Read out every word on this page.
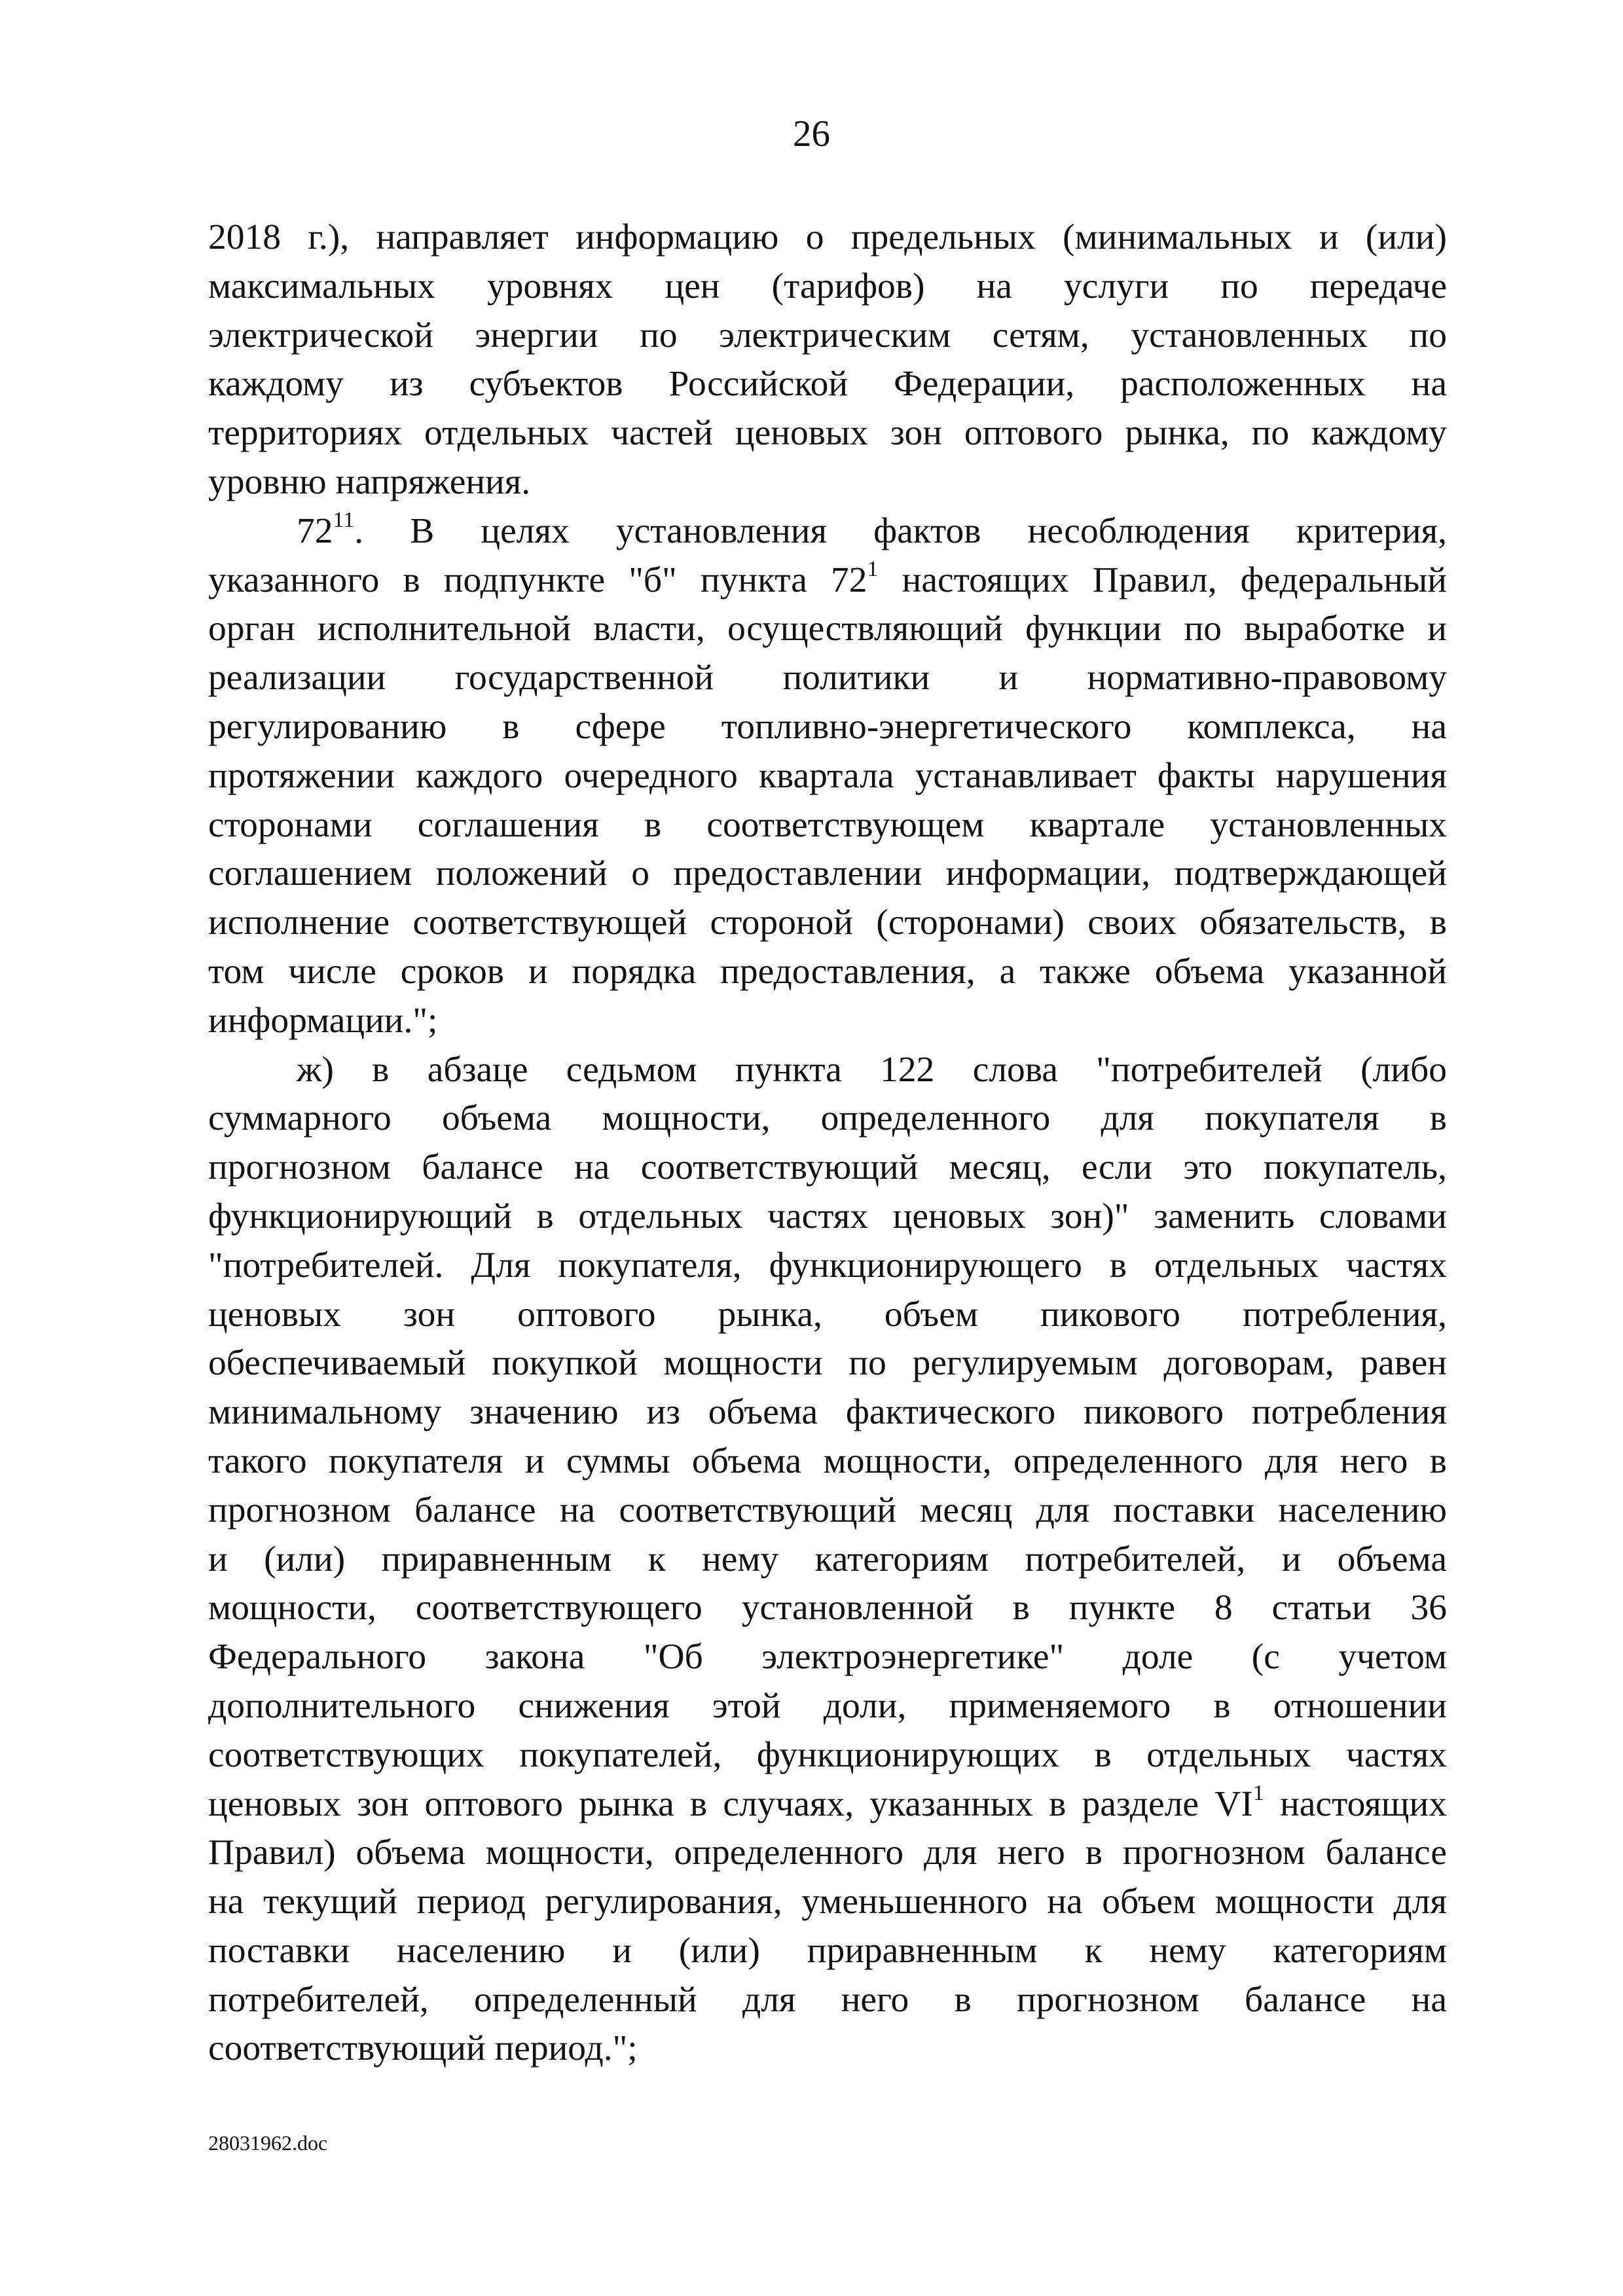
26

2018 г.), направляет информацию о предельных (минимальных и (или)

максимальных уровнях цен (тарифов) на услуги по передаче

электрической энергии по электрическим сетям, установленных по

каждому из субъектов Российской Федерации, расположенных на

территориях отдельных частей ценовых зон оптового рынка, по каждому

уровню напряжения.

$72^{11}$. В целях установления фактов несоблюдения критерия,

указанного в подпункте "б" пункта $72^1$ настоящих Правил, федеральный

орган исполнительной власти, осуществляющий функции по выработке и

реализации государственной политики и нормативно-правовому

регулированию в сфере топливно-энергетического комплекса, на

протяжении каждого очередного квартала устанавливает факты нарушения

сторонами соглашения в соответствующем квартале установленных

соглашением положений о предоставлении информации, подтверждающей

исполнение соответствующей стороной (сторонами) своих обязательств, в

том числе сроков и порядка предоставления, а также объема указанной

информации.";

ж) в абзаце седьмом пункта 122 слова "потребителей (либо

суммарного объема мощности, определенного для покупателя в

прогнозном балансе на соответствующий месяц, если это покупатель,

функционирующий в отдельных частях ценовых зон)" заменить словами

"потребителей. Для покупателя, функционирующего в отдельных частях

ценовых зон оптового рынка, объем пикового потребления,

обеспечиваемый покупкой мощности по регулируемым договорам, равен

минимальному значению из объема фактического пикового потребления

такого покупателя и суммы объема мощности, определенного для него в

прогнозном балансе на соответствующий месяц для поставки населению

и (или) приравненным к нему категориям потребителей, и объема

мощности, соответствующего установленной в пункте 8 статьи 36

Федерального закона "Об электроэнергетике" доле (с учетом

дополнительного снижения этой доли, применяемого в отношении

соответствующих покупателей, функционирующих в отдельных частях

ценовых зон оптового рынка в случаях, указанных в разделе $VI^1$ настоящих

Правил) объема мощности, определенного для него в прогнозном балансе

на текущий период регулирования, уменьшенного на объем мощности для

поставки населению и (или) приравненным к нему категориям

потребителей, определенный для него в прогнозном балансе на

соответствующий период.";

28031962.doc
